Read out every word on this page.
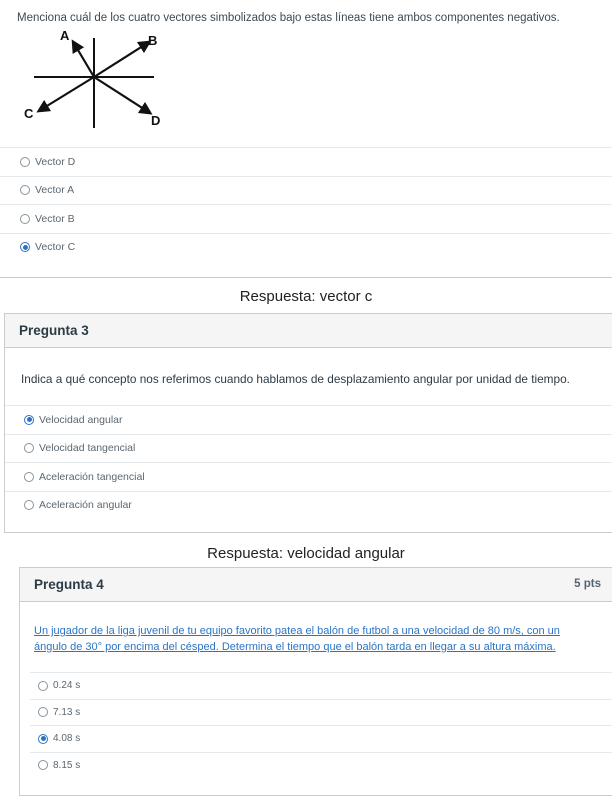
Menciona cuál de los cuatro vectores simbolizados bajo estas líneas tiene ambos componentes negativos.
A	B
C	D
Vector D
Vector A
Vector B
Vector C
Respuesta: vector c
Pregunta 3
Indica a qué concepto nos referimos cuando hablamos de desplazamiento angular por unidad de tiempo.
Velocidad angular
Velocidad tangencial
Aceleración tangencial
Aceleración angular
Respuesta: velocidad angular
Pregunta 4	5 pts
Un jugador de la liga juvenil de tu equipo favorito patea el balón de futbol a una velocidad de 80 m/s, con un ángulo de 30° por encima del césped. Determina el tiempo que el balón tarda en llegar a su altura máxima.
0.24 s
7.13 s
4.08 s
8.15 s
